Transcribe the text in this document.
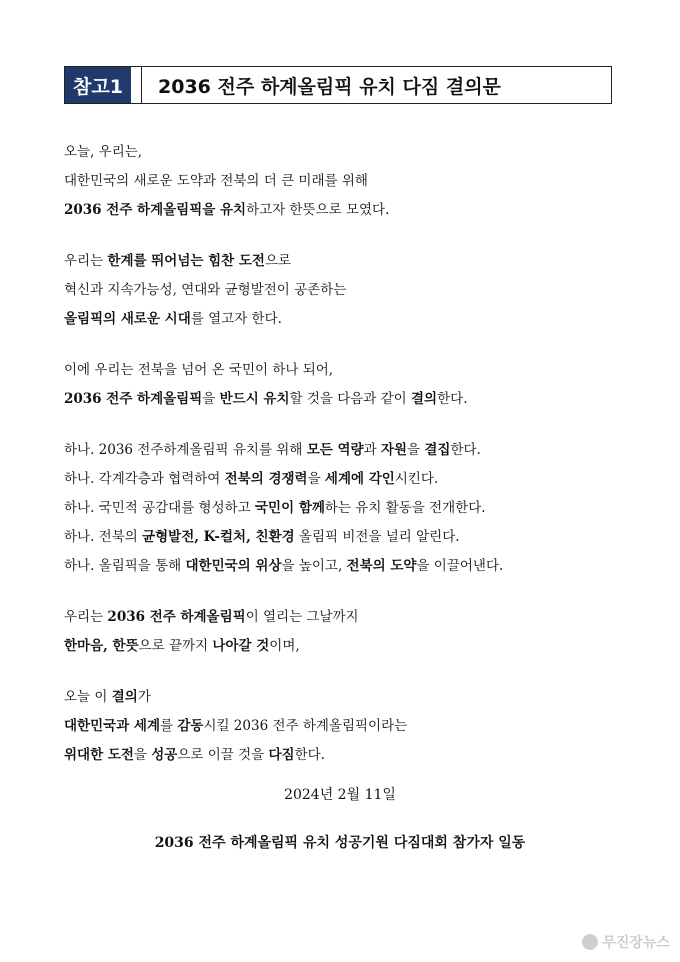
참고1	2036 전주 하계올림픽 유치 다짐 결의문
오늘, 우리는,
대한민국의 새로운 도약과 전북의 더 큰 미래를 위해
2036 전주 하계올림픽을 유치하고자 한뜻으로 모였다.
우리는 한계를 뛰어넘는 힘찬 도전으로
혁신과 지속가능성, 연대와 균형발전이 공존하는
올림픽의 새로운 시대를 열고자 한다.
이에 우리는 전북을 넘어 온 국민이 하나 되어,
2036 전주 하계올림픽을 반드시 유치할 것을 다음과 같이 결의한다.
하나. 2036 전주하계올림픽 유치를 위해 모든 역량과 자원을 결집한다.
하나. 각계각층과 협력하여 전북의 경쟁력을 세계에 각인시킨다.
하나. 국민적 공감대를 형성하고 국민이 함께하는 유치 활동을 전개한다.
하나. 전북의 균형발전, K-컬처, 친환경 올림픽 비전을 널리 알린다.
하나. 올림픽을 통해 대한민국의 위상을 높이고, 전북의 도약을 이끌어낸다.
우리는 2036 전주 하계올림픽이 열리는 그날까지
한마음, 한뜻으로 끝까지 나아갈 것이며,
오늘 이 결의가
대한민국과 세계를 감동시킬 2036 전주 하계올림픽이라는
위대한 도전을 성공으로 이끌 것을 다짐한다.
2024년 2월 11일
2036 전주 하계올림픽 유치 성공기원 다짐대회 참가자 일동
무진장뉴스
